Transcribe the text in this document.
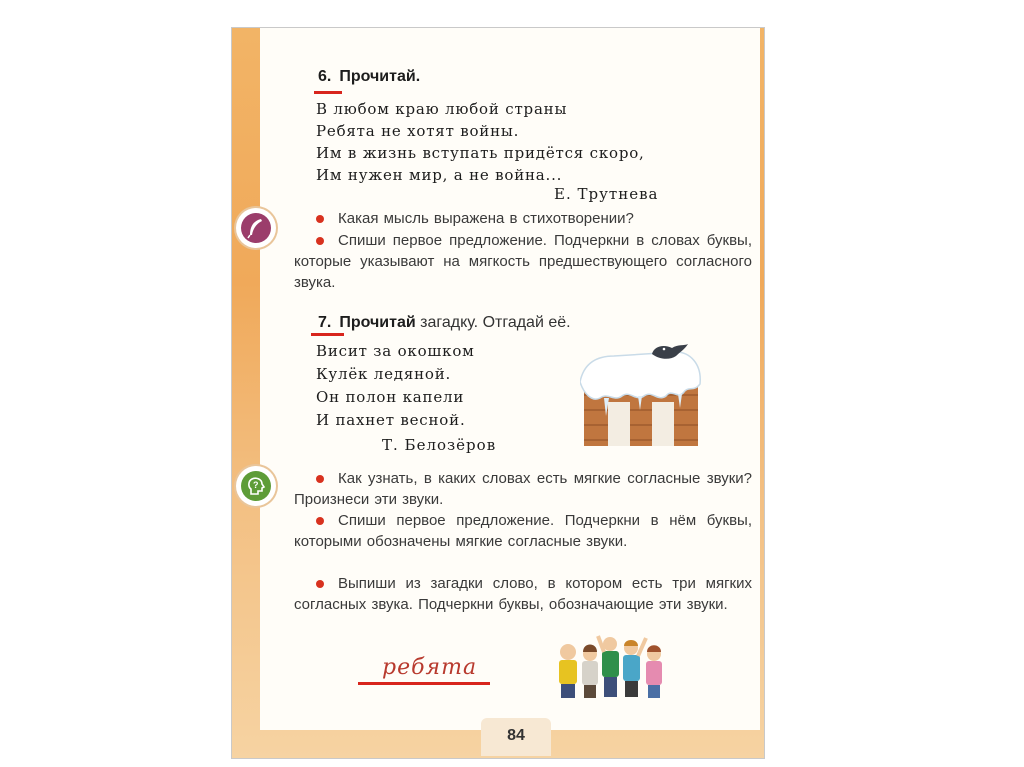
?
6. Прочитай.
В любом краю любой страны
Ребята не хотят войны.
Им в жизнь вступать придётся скоро,
Им нужен мир, а не война...
Е. Трутнева
Какая мысль выражена в стихотворении?
Спиши первое предложение. Подчеркни в словах буквы, которые указывают на мягкость предшествующего согласного звука.
7. Прочитай загадку. Отгадай её.
Висит за окошком
Кулёк ледяной.
Он полон капели
И пахнет весной.
Т. Белозёров
Как узнать, в каких словах есть мягкие согласные звуки? Произнеси эти звуки.
Спиши первое предложение. Подчеркни в нём буквы, которыми обозначены мягкие согласные звуки.
Выпиши из загадки слово, в котором есть три мягких согласных звука. Подчеркни буквы, обозначающие эти звуки.
ребята
84
